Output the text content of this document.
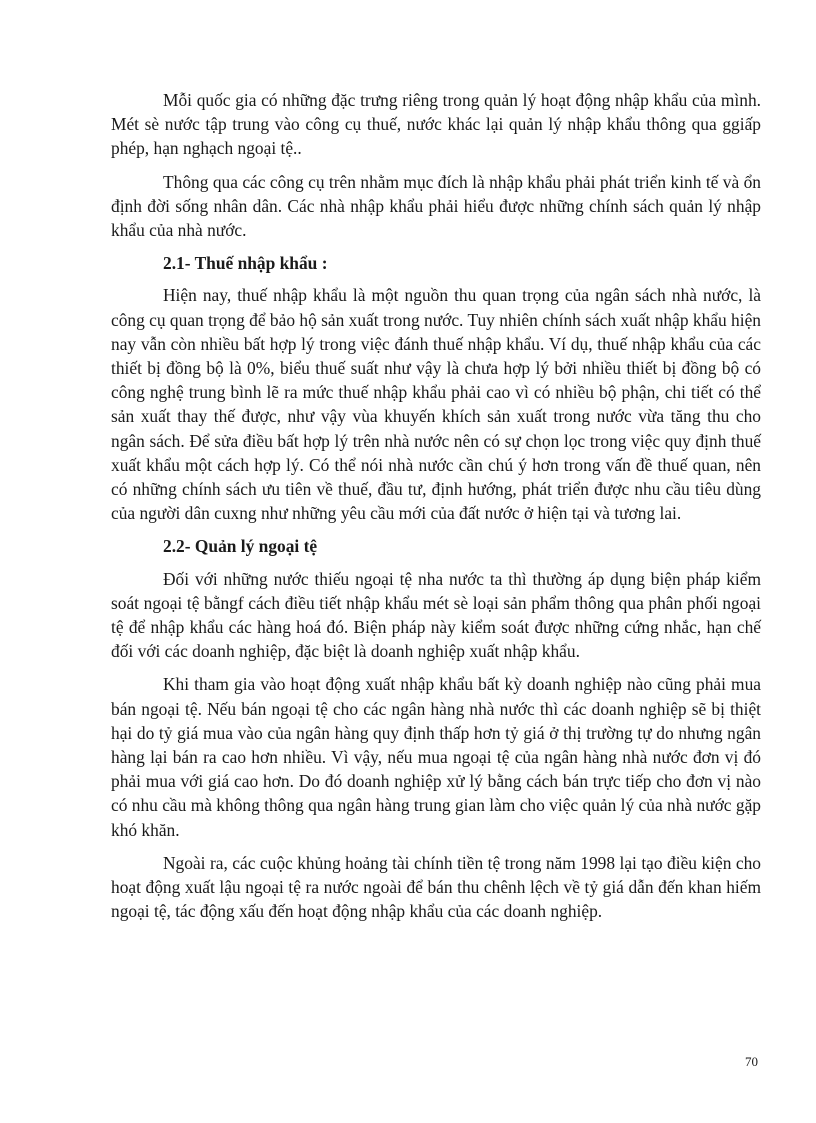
Mỗi quốc gia có những đặc trưng riêng trong quản lý hoạt động nhập khẩu của mình. Mét sè nước tập trung vào công cụ thuế, nước khác lại quản lý nhập khẩu thông qua ggiấp phép, hạn nghạch ngoại tệ..

Thông qua các công cụ trên nhằm mục đích là nhập khẩu phải phát triển kinh tế và ổn định đời sống nhân dân. Các nhà nhập khẩu phải hiểu được những chính sách quản lý nhập khẩu của nhà nước.

2.1- Thuế nhập khẩu :

Hiện nay, thuế nhập khẩu là một nguồn thu quan trọng của ngân sách nhà nước, là công cụ quan trọng để bảo hộ sản xuất trong nước. Tuy nhiên chính sách xuất nhập khẩu hiện nay vẫn còn nhiều bất hợp lý trong việc đánh thuế nhập khẩu. Ví dụ, thuế nhập khẩu của các thiết bị đồng bộ là 0%, biểu thuế suất như vậy là chưa hợp lý bởi nhiều thiết bị đồng bộ có công nghệ trung bình lẽ ra mức thuế nhập khẩu phải cao vì có nhiều bộ phận, chi tiết có thể sản xuất thay thế được, như vậy vùa khuyến khích sản xuất trong nước vừa tăng thu cho ngân sách. Để sửa điều bất hợp lý trên nhà nước nên có sự chọn lọc trong việc quy định thuế xuất khẩu một cách hợp lý. Có thể nói nhà nước cần chú ý hơn trong vấn đề thuế quan, nên có những chính sách ưu tiên về thuế, đầu tư, định hướng, phát triển được nhu cầu tiêu dùng của người dân cuxng như những yêu cầu mới của đất nước ở hiện tại và tương lai.

2.2- Quản lý ngoại tệ

Đối với những nước thiếu ngoại tệ nha nước ta thì thường áp dụng biện pháp kiểm soát ngoại tệ bằngf cách điều tiết nhập khẩu mét sè loại sản phẩm thông qua phân phối ngoại tệ để nhập khẩu các hàng hoá đó. Biện pháp này kiểm soát được những cứng nhắc, hạn chế đối với các doanh nghiệp, đặc biệt là doanh nghiệp xuất nhập khẩu.

Khi tham gia vào hoạt động xuất nhập khẩu bất kỳ doanh nghiệp nào cũng phải mua bán ngoại tệ. Nếu bán ngoại tệ cho các ngân hàng nhà nước thì các doanh nghiệp sẽ bị thiệt hại do tỷ giá mua vào của ngân hàng quy định thấp hơn tỷ giá ở thị trường tự do nhưng ngân hàng lại bán ra cao hơn nhiều. Vì vậy, nếu mua ngoại tệ của ngân hàng nhà nước đơn vị đó phải mua với giá cao hơn. Do đó doanh nghiệp xử lý bằng cách bán trực tiếp cho đơn vị nào có nhu cầu mà không thông qua ngân hàng trung gian làm cho việc quản lý của nhà nước gặp khó khăn.

Ngoài ra, các cuộc khủng hoảng tài chính tiền tệ trong năm 1998 lại tạo điều kiện cho hoạt động xuất lậu ngoại tệ ra nước ngoài để bán thu chênh lệch về tỷ giá dẫn đến khan hiếm ngoại tệ, tác động xấu đến hoạt động nhập khẩu của các doanh nghiệp.

70
